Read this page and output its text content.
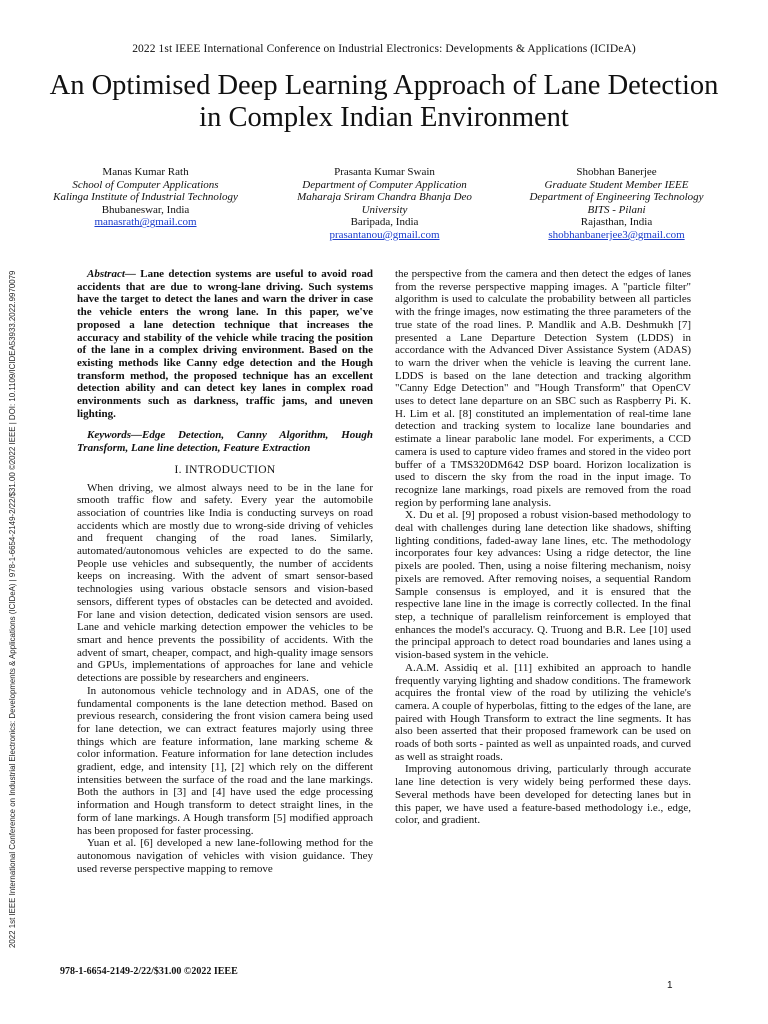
2022 1st IEEE International Conference on Industrial Electronics: Developments & Applications (ICIDeA)
An Optimised Deep Learning Approach of Lane Detection in Complex Indian Environment
2022 1st IEEE International Conference on Industrial Electronics: Developments & Applications (ICIDeA) | 978-1-6654-2149-2/22/$31.00 ©2022 IEEE | DOI: 10.1109/ICIDEA53933.2022.9970079
Manas Kumar Rath
School of Computer Applications
Kalinga Institute of Industrial Technology
Bhubaneswar, India
manasrath@gmail.com
Prasanta Kumar Swain
Department of Computer Application
Maharaja Sriram Chandra Bhanja Deo University
Baripada, India
prasantanou@gmail.com
Shobhan Banerjee
Graduate Student Member IEEE
Department of Engineering Technology
BITS - Pilani
Rajasthan, India
shobhanbanerjee3@gmail.com

Abstract— Lane detection systems are useful to avoid road accidents that are due to wrong-lane driving. Such systems have the target to detect the lanes and warn the driver in case the vehicle enters the wrong lane. In this paper, we've proposed a lane detection technique that increases the accuracy and stability of the vehicle while tracing the position of the lane in a complex driving environment. Based on the existing methods like Canny edge detection and the Hough transform method, the proposed technique has an excellent detection ability and can detect key lanes in complex road environments such as darkness, traffic jams, and uneven lighting.

Keywords—Edge Detection, Canny Algorithm, Hough Transform, Lane line detection, Feature Extraction

I. INTRODUCTION

When driving, we almost always need to be in the lane for smooth traffic flow and safety. Every year the automobile association of countries like India is conducting surveys on road accidents which are mostly due to wrong-side driving of vehicles and frequent changing of the road lanes. Similarly, automated/autonomous vehicles are expected to do the same. People use vehicles and subsequently, the number of accidents keeps on increasing. With the advent of smart sensor-based technologies using various obstacle sensors and vision-based sensors, different types of obstacles can be detected and avoided. For lane and vision detection, dedicated vision sensors are used. Lane and vehicle marking detection empower the vehicles to be smart and hence prevents the possibility of accidents. With the advent of smart, cheaper, compact, and high-quality image sensors and GPUs, implementations of approaches for lane and vehicle detections are possible by researchers and engineers.

In autonomous vehicle technology and in ADAS, one of the fundamental components is the lane detection method. Based on previous research, considering the front vision camera being used for lane detection, we can extract features majorly using three things which are feature information, lane marking scheme & color information. Feature information for lane detection includes gradient, edge, and intensity [1], [2] which rely on the different intensities between the surface of the road and the lane markings. Both the authors in [3] and [4] have used the edge processing information and Hough transform to detect straight lines, in the form of lane markings. A Hough transform [5] modified approach has been proposed for faster processing.

Yuan et al. [6] developed a new lane-following method for the autonomous navigation of vehicles with vision guidance. They used reverse perspective mapping to remove

the perspective from the camera and then detect the edges of lanes from the reverse perspective mapping images. A "particle filter" algorithm is used to calculate the probability between all particles with the fringe images, now estimating the three parameters of the true state of the road lines. P. Mandlik and A.B. Deshmukh [7] presented a Lane Departure Detection System (LDDS) in accordance with the Advanced Diver Assistance System (ADAS) to warn the driver when the vehicle is leaving the current lane. LDDS is based on the lane detection and tracking algorithm "Canny Edge Detection" and "Hough Transform" that OpenCV uses to detect lane departure on an SBC such as Raspberry Pi. K. H. Lim et al. [8] constituted an implementation of real-time lane detection and tracking system to localize lane boundaries and estimate a linear parabolic lane model. For experiments, a CCD camera is used to capture video frames and stored in the video port buffer of a TMS320DM642 DSP board. Horizon localization is used to discern the sky from the road in the input image. To recognize lane markings, road pixels are removed from the road region by performing lane analysis.

X. Du et al. [9] proposed a robust vision-based methodology to deal with challenges during lane detection like shadows, shifting lighting conditions, faded-away lane lines, etc. The methodology incorporates four key advances: Using a ridge detector, the line pixels are pooled. Then, using a noise filtering mechanism, noisy pixels are removed. After removing noises, a sequential Random Sample consensus is employed, and it is ensured that the respective lane line in the image is correctly collected. In the final step, a technique of parallelism reinforcement is employed that enhances the model's accuracy. Q. Truong and B.R. Lee [10] used the principal approach to detect road boundaries and lanes using a vision-based system in the vehicle.

A.A.M. Assidiq et al. [11] exhibited an approach to handle frequently varying lighting and shadow conditions. The framework acquires the frontal view of the road by utilizing the vehicle's camera. A couple of hyperbolas, fitting to the edges of the lane, are paired with Hough Transform to extract the line segments. It has also been asserted that their proposed framework can be used on roads of both sorts - painted as well as unpainted roads, and curved as well as straight roads.

Improving autonomous driving, particularly through accurate lane line detection is very widely being performed these days. Several methods have been developed for detecting lanes but in this paper, we have used a feature-based methodology i.e., edge, color, and gradient.

978-1-6654-2149-2/22/$31.00 ©2022 IEEE
1
